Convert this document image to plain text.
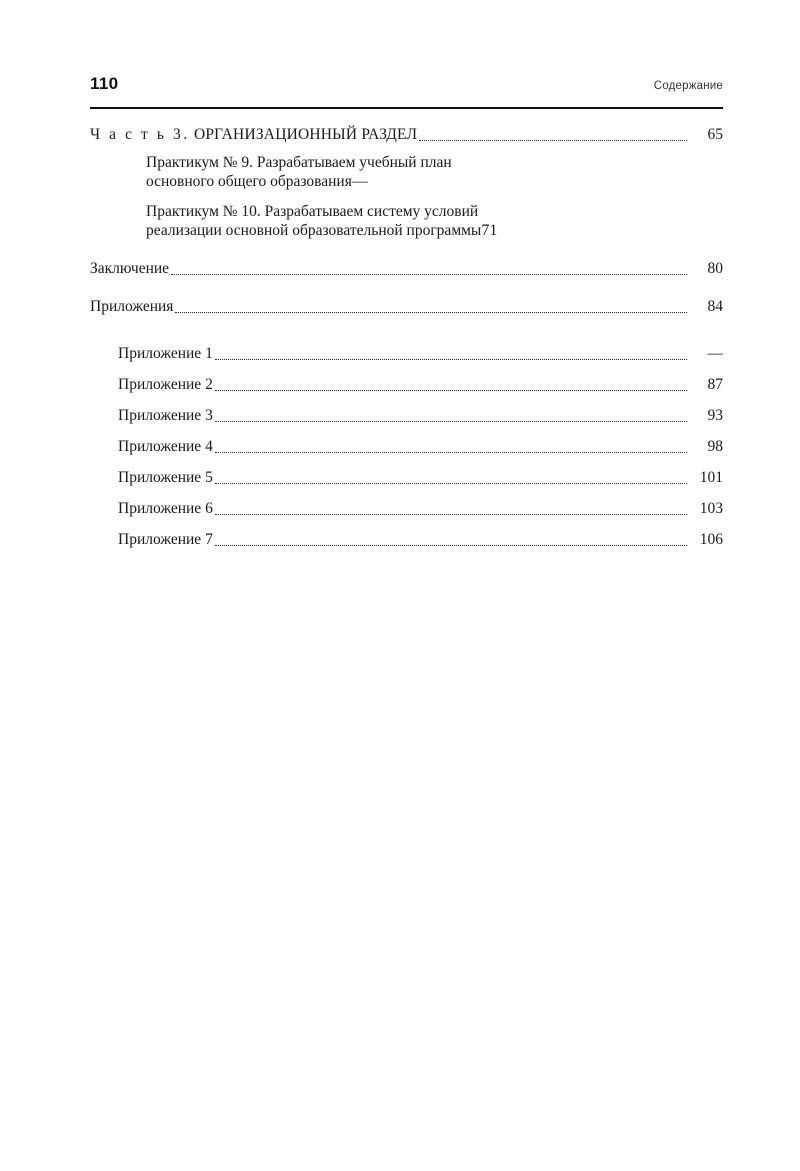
110	Содержание
Ч а с т ь 3. ОРГАНИЗАЦИОННЫЙ РАЗДЕЛ	65
Практикум № 9. Разрабатываем учебный план
основного общего образования —
Практикум № 10. Разрабатываем систему условий
реализации основной образовательной программы 71
Заключение	80
Приложения	84
Приложение 1	—
Приложение 2	87
Приложение 3	93
Приложение 4	98
Приложение 5	101
Приложение 6	103
Приложение 7	106
